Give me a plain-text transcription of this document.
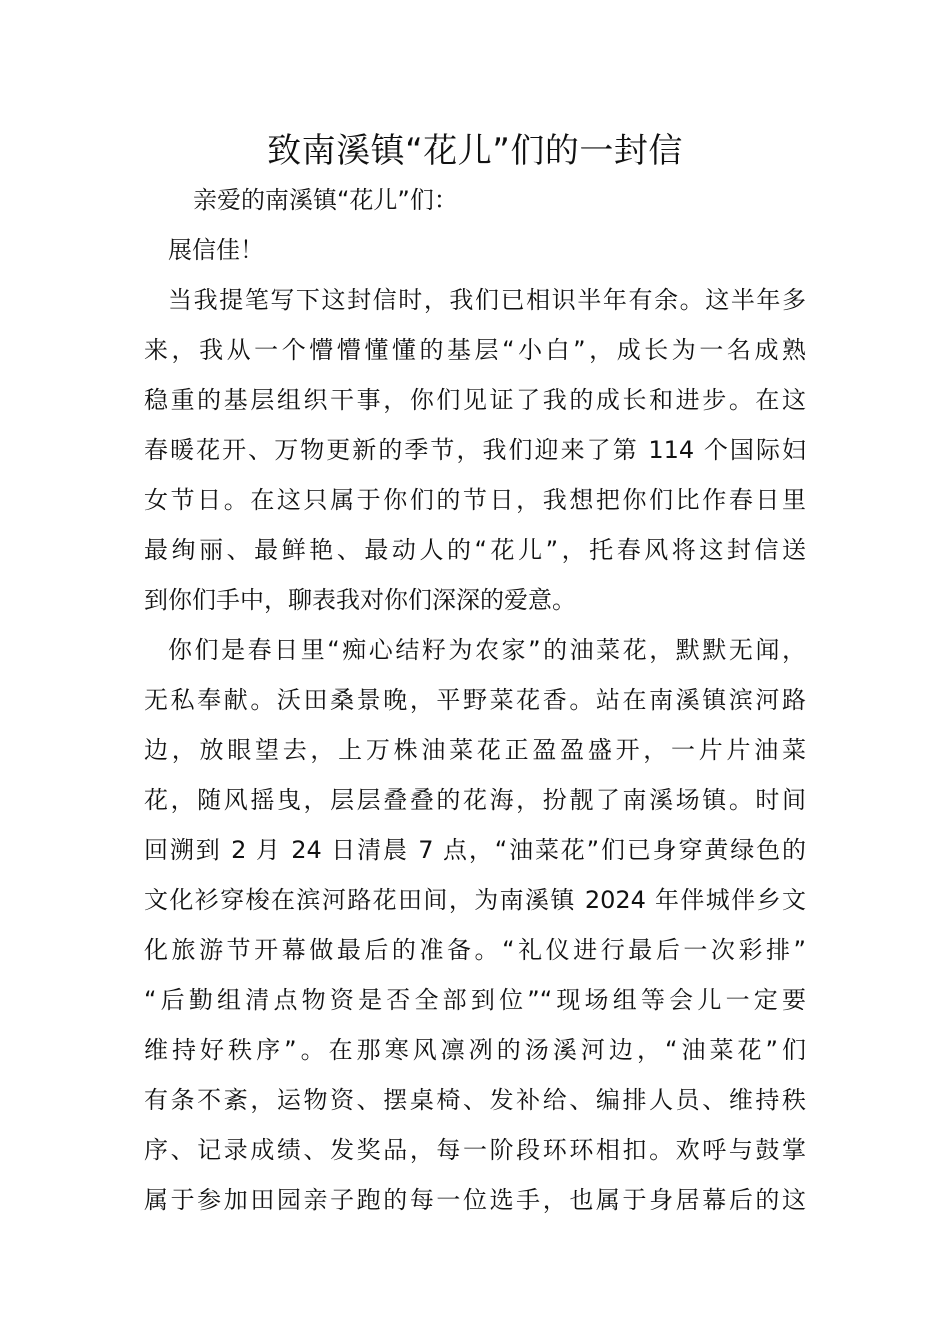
致南溪镇“花儿”们的一封信
亲爱的南溪镇“花儿”们：
展信佳！
当我提笔写下这封信时，我们已相识半年有余。这半年多
来，我从一个懵懵懂懂的基层“小白”，成长为一名成熟
稳重的基层组织干事，你们见证了我的成长和进步。在这
春暖花开、万物更新的季节，我们迎来了第 114 个国际妇
女节日。在这只属于你们的节日，我想把你们比作春日里
最绚丽、最鲜艳、最动人的“花儿”，托春风将这封信送
到你们手中，聊表我对你们深深的爱意。
你们是春日里“痴心结籽为农家”的油菜花，默默无闻，
无私奉献。沃田桑景晚，平野菜花香。站在南溪镇滨河路
边，放眼望去，上万株油菜花正盈盈盛开，一片片油菜
花，随风摇曳，层层叠叠的花海，扮靓了南溪场镇。时间
回溯到 2 月 24 日清晨 7 点，“油菜花”们已身穿黄绿色的
文化衫穿梭在滨河路花田间，为南溪镇 2024 年伴城伴乡文
化旅游节开幕做最后的准备。“礼仪进行最后一次彩排”
“后勤组清点物资是否全部到位”“现场组等会儿一定要
维持好秩序”。在那寒风凛冽的汤溪河边，“油菜花”们
有条不紊，运物资、摆桌椅、发补给、编排人员、维持秩
序、记录成绩、发奖品，每一阶段环环相扣。欢呼与鼓掌
属于参加田园亲子跑的每一位选手，也属于身居幕后的这
